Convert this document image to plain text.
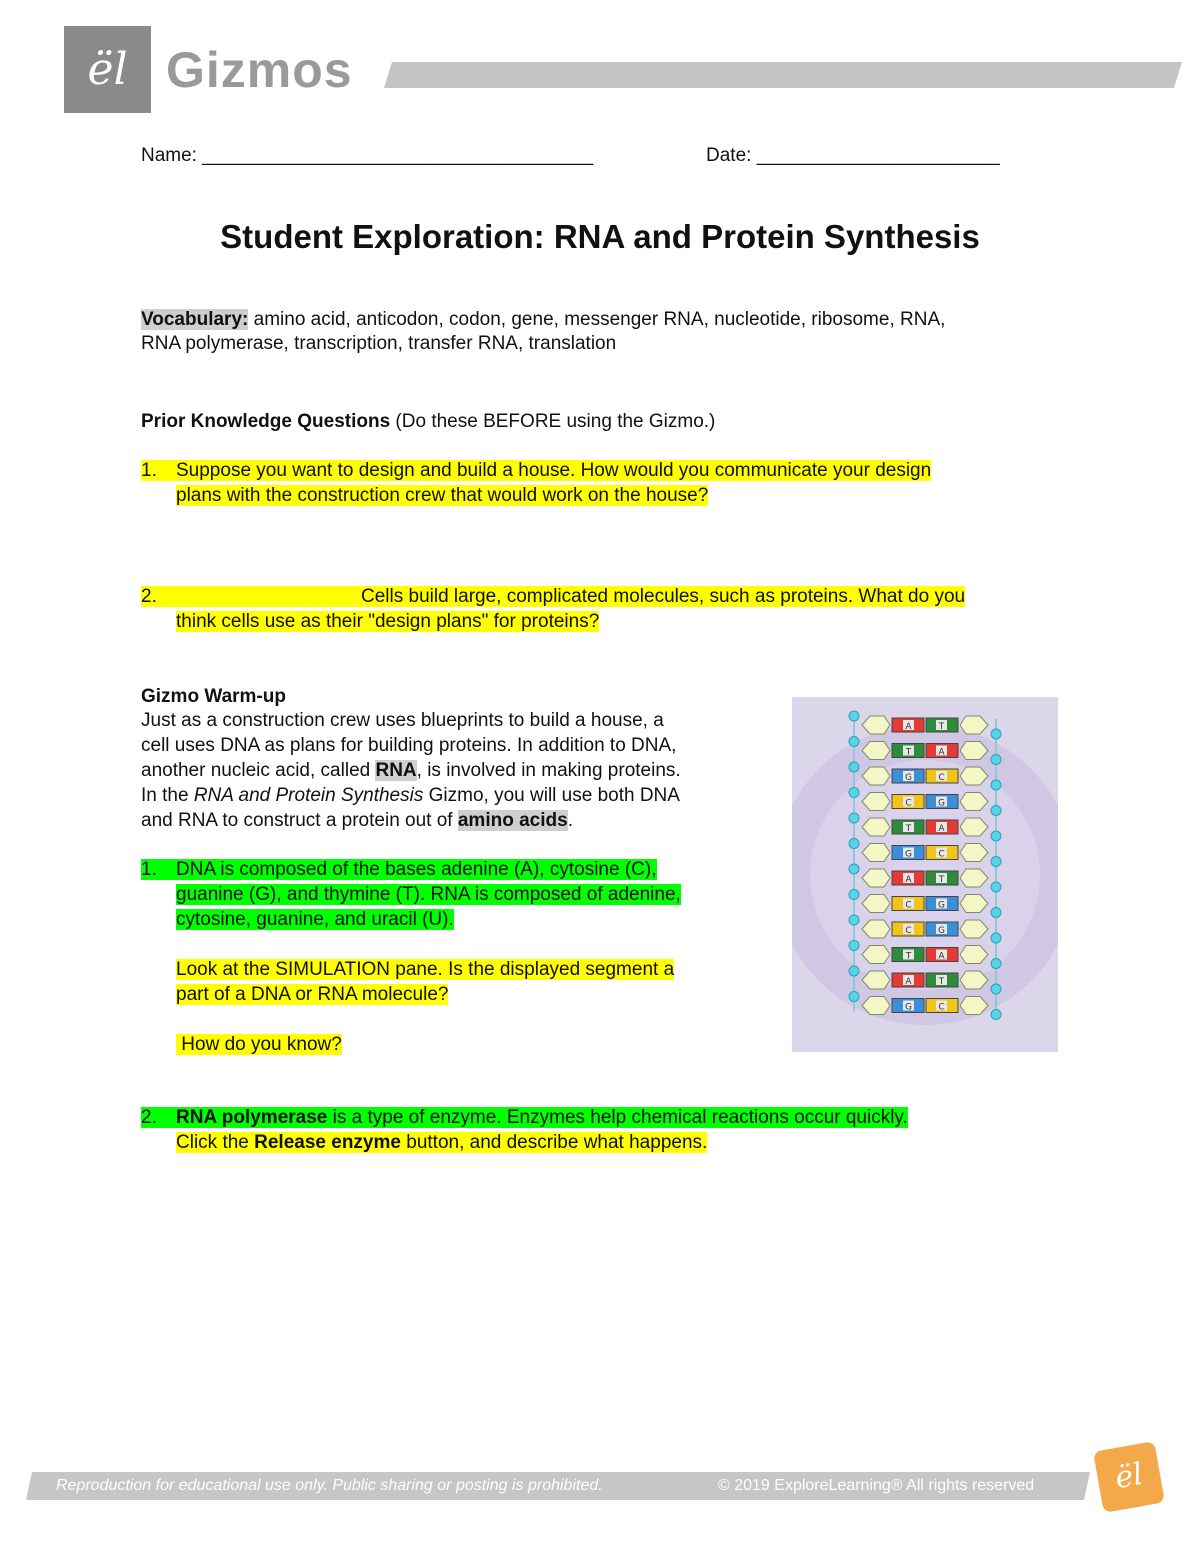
ël Gizmos
Name: _____________________________________	Date: _______________________
Student Exploration: RNA and Protein Synthesis
Vocabulary: amino acid, anticodon, codon, gene, messenger RNA, nucleotide, ribosome, RNA,
RNA polymerase, transcription, transfer RNA, translation
Prior Knowledge Questions (Do these BEFORE using the Gizmo.)
1. Suppose you want to design and build a house. How would you communicate your design
plans with the construction crew that would work on the house?
2.	Cells build large, complicated molecules, such as proteins. What do you
think cells use as their "design plans" for proteins?
Gizmo Warm-up
Just as a construction crew uses blueprints to build a house, a
cell uses DNA as plans for building proteins. In addition to DNA,
another nucleic acid, called RNA, is involved in making proteins.
In the RNA and Protein Synthesis Gizmo, you will use both DNA
and RNA to construct a protein out of amino acids.
1. DNA is composed of the bases adenine (A), cytosine (C),
guanine (G), and thymine (T). RNA is composed of adenine,
cytosine, guanine, and uracil (U).
Look at the SIMULATION pane. Is the displayed segment a
part of a DNA or RNA molecule?
How do you know?
A	T
T	A
G	C
C	G
T	A
G	C
A	T
C	G
C	G
T	A
A	T
G	C
2. RNA polymerase is a type of enzyme. Enzymes help chemical reactions occur quickly.
Click the Release enzyme button, and describe what happens.
Reproduction for educational use only. Public sharing or posting is prohibited.	© 2019 ExploreLearning® All rights reserved	ël
